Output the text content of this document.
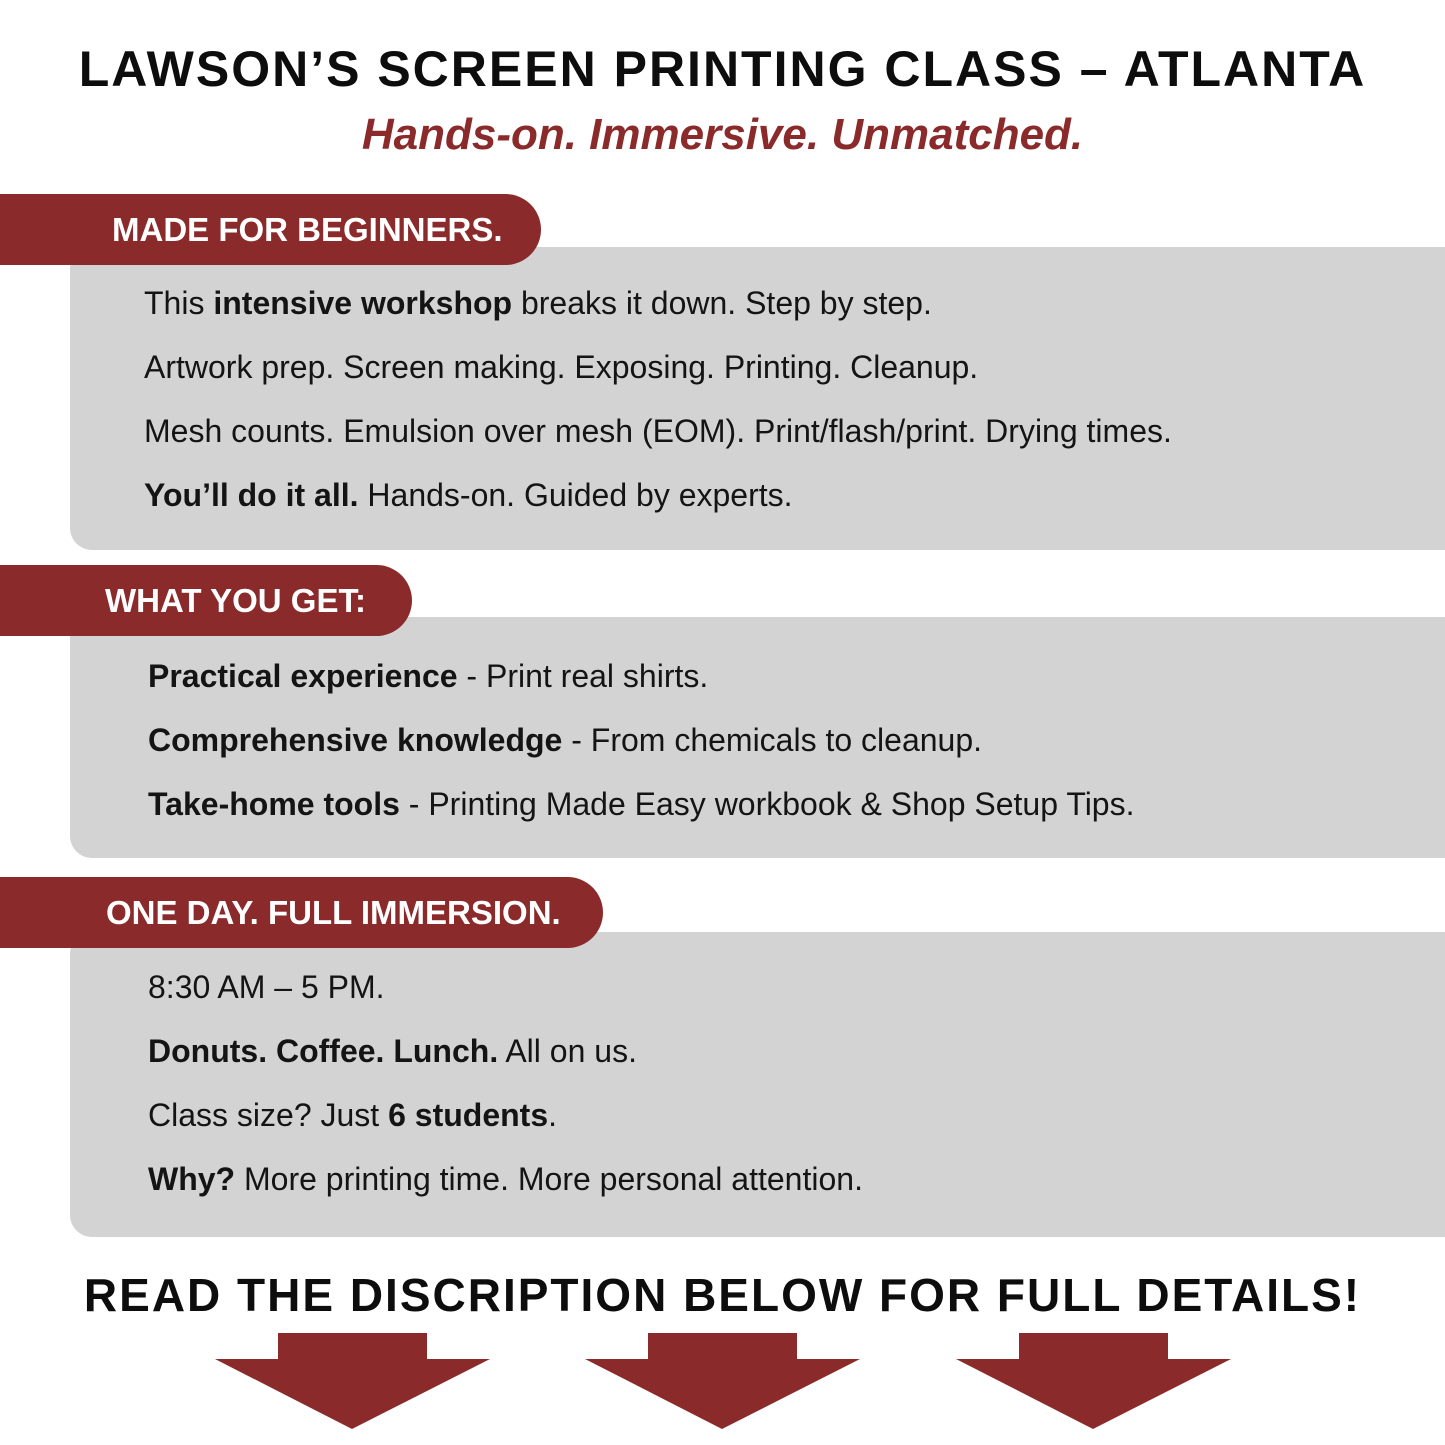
LAWSON’S SCREEN PRINTING CLASS – ATLANTA
Hands-on. Immersive. Unmatched.
MADE FOR BEGINNERS.
This intensive workshop breaks it down. Step by step.
Artwork prep. Screen making. Exposing. Printing. Cleanup.
Mesh counts. Emulsion over mesh (EOM). Print/flash/print. Drying times.
You’ll do it all. Hands-on. Guided by experts.
WHAT YOU GET:
Practical experience - Print real shirts.
Comprehensive knowledge - From chemicals to cleanup.
Take-home tools - Printing Made Easy workbook & Shop Setup Tips.
ONE DAY. FULL IMMERSION.
8:30 AM – 5 PM.
Donuts. Coffee. Lunch. All on us.
Class size? Just 6 students.
Why? More printing time. More personal attention.
READ THE DISCRIPTION BELOW FOR FULL DETAILS!
